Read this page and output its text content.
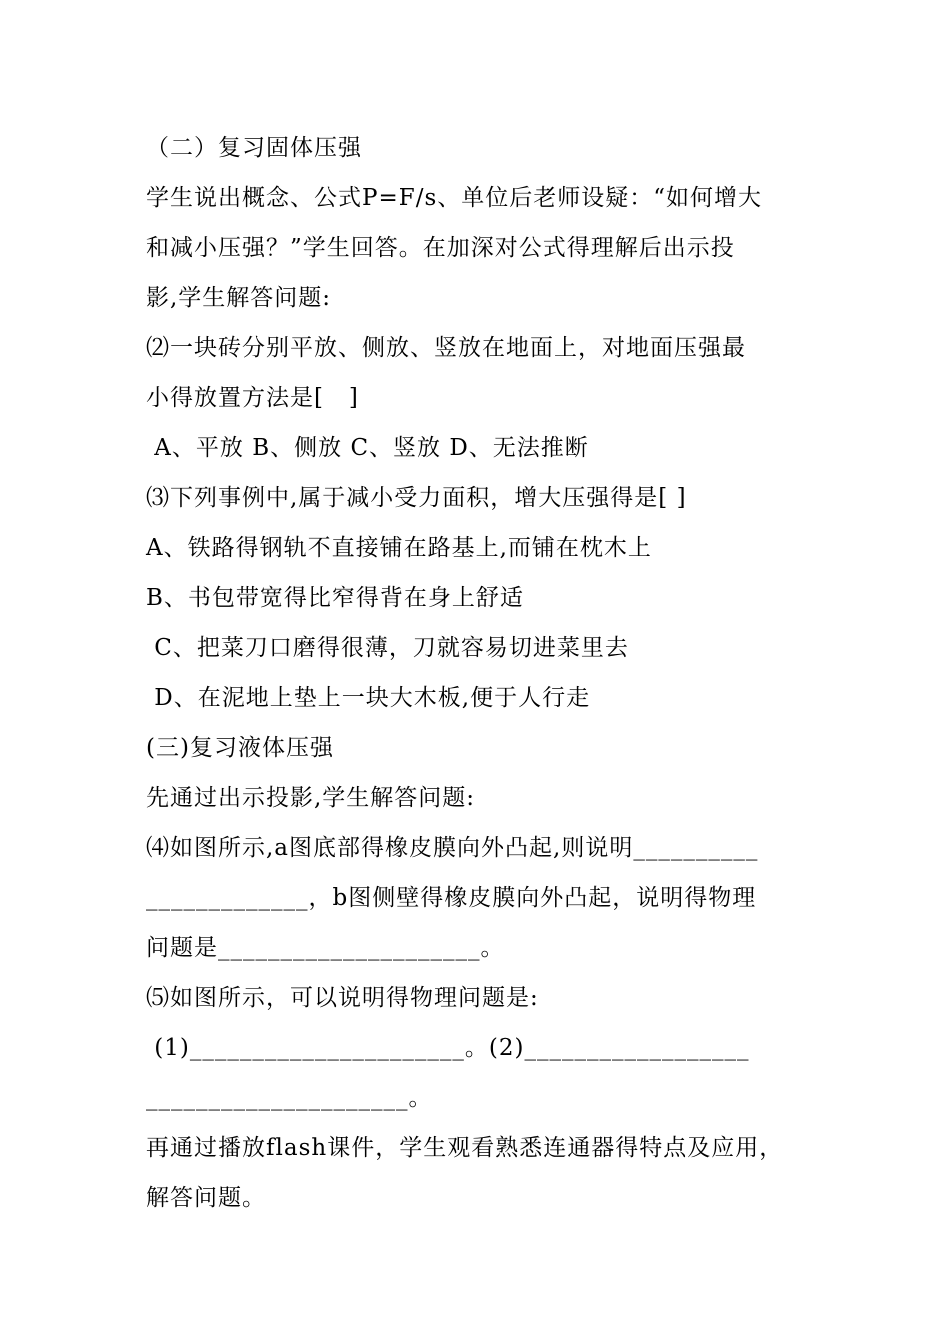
（二）复习固体压强
学生说出概念、公式P=F/s、单位后老师设疑：“如何增大
和减小压强？”学生回答。在加深对公式得理解后出示投
影,学生解答问题:
⑵一块砖分别平放、侧放、竖放在地面上，对地面压强最
小得放置方法是[   ]
A、平放 B、侧放 C、竖放 D、无法推断
⑶下列事例中,属于减小受力面积，增大压强得是[ ]
A、铁路得钢轨不直接铺在路基上,而铺在枕木上
B、书包带宽得比窄得背在身上舒适
C、把菜刀口磨得很薄，刀就容易切进菜里去
D、在泥地上垫上一块大木板,便于人行走
(三)复习液体压强
先通过出示投影,学生解答问题:
⑷如图所示,a图底部得橡皮膜向外凸起,则说明__________
_____________，b图侧壁得橡皮膜向外凸起，说明得物理
问题是_____________________。
⑸如图所示，可以说明得物理问题是:
(1)______________________。(2)__________________
_____________________。
再通过播放flash课件，学生观看熟悉连通器得特点及应用，
解答问题。
